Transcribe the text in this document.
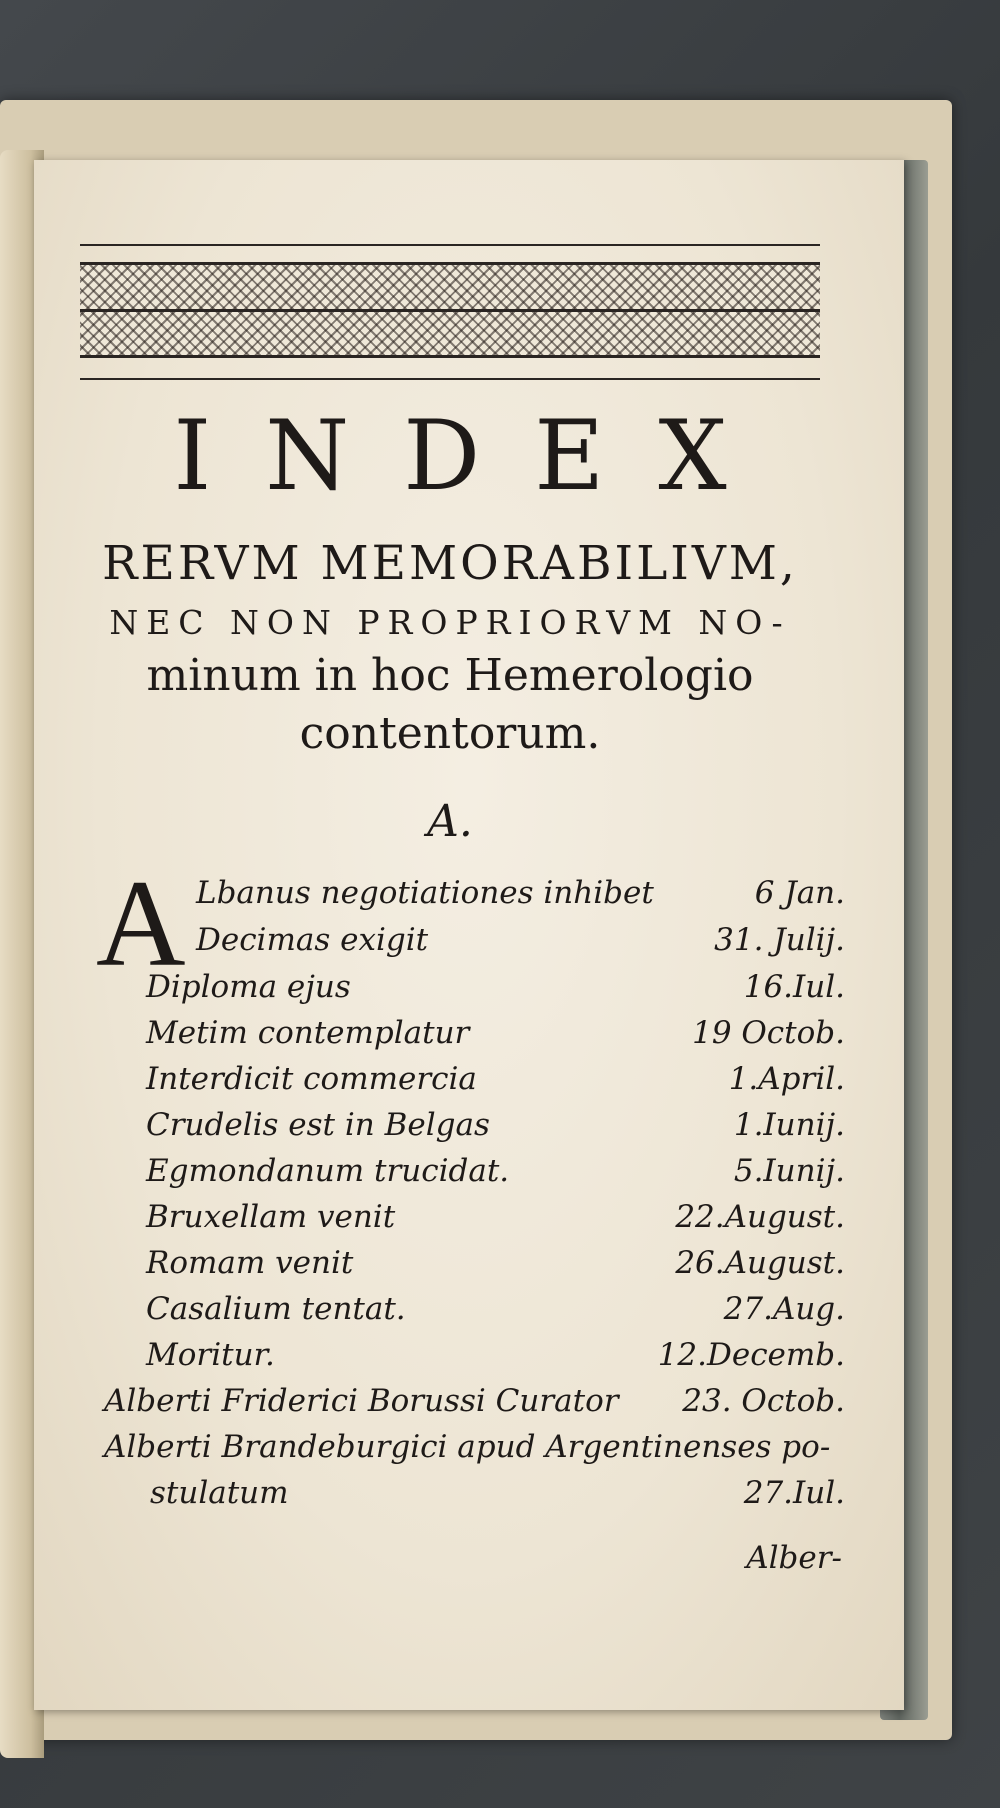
INDEX
RERVM MEMORABILIVM,
NEC NON PROPRIORVM NO-
minum in hoc Hemerologio
contentorum.
A.
A Lbanus negotiationes inhibet
Decimas exigit
Diploma ejus
Metim contemplatur
Interdicit commercia
Crudelis est in Belgas
Egmondanum trucidat.
Bruxellam venit
Romam venit
Casalium tentat.
Moritur.
Alberti Friderici Borussi Curator
Alberti Brandeburgici apud Argentinenses po-
stulatum
6 Jan.
31. Julij.
16.Iul.
19 Octob.
1.April.
1.Iunij.
5.Iunij.
22.August.
26.August.
27.Aug.
12.Decemb.
23. Octob.
27.Iul.
Alber-
